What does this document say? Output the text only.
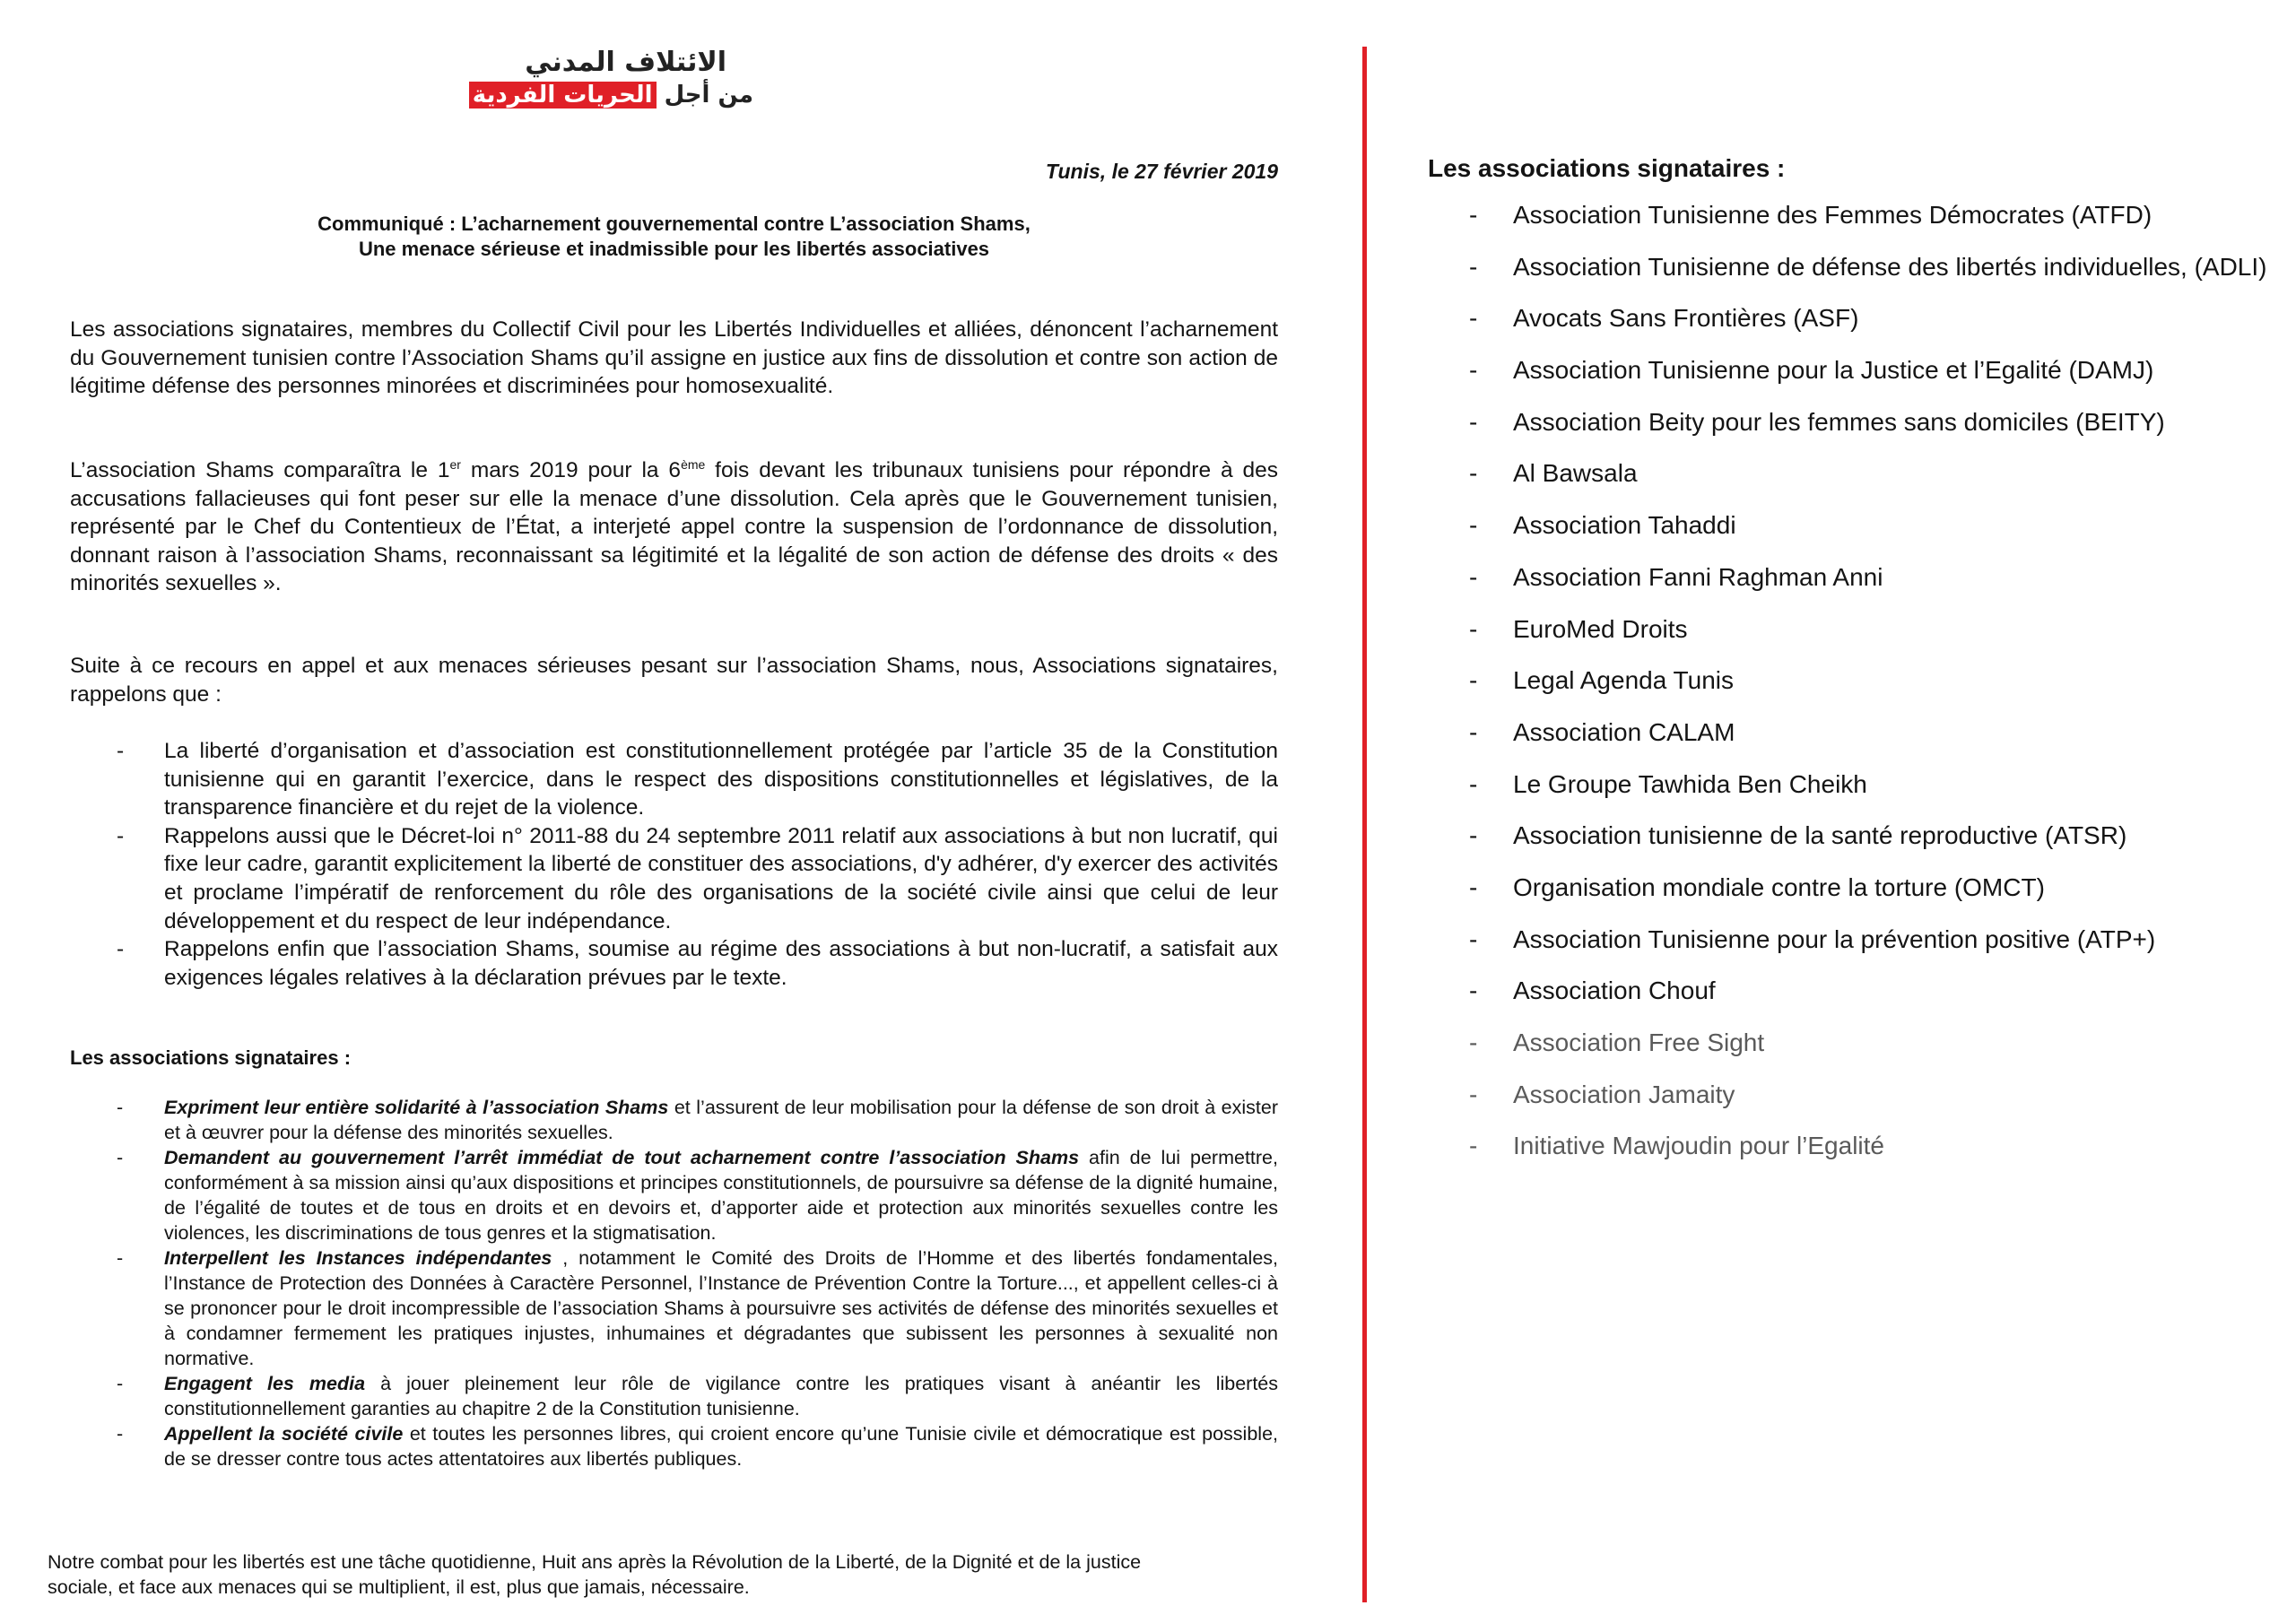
الائتلاف المدني
من أجل الحريات الفردية
Tunis, le 27 février 2019
Communiqué : L’acharnement gouvernemental contre L’association Shams,
Une menace sérieuse et inadmissible pour les libertés associatives

Les associations signataires, membres du Collectif Civil pour les Libertés Individuelles et alliées, dénoncent l’acharnement du Gouvernement tunisien contre l’Association Shams qu’il assigne en justice aux fins de dissolution et contre son action de légitime défense des personnes minorées et discriminées pour homosexualité.

L’association Shams comparaîtra le 1er mars 2019 pour la 6ème fois devant les tribunaux tunisiens pour répondre à des accusations fallacieuses qui font peser sur elle la menace d’une dissolution. Cela après que le Gouvernement tunisien, représenté par le Chef du Contentieux de l’État, a interjeté appel contre la suspension de l’ordonnance de dissolution, donnant raison à l’association Shams, reconnaissant sa légitimité et la légalité de son action de défense des droits « des minorités sexuelles ».

Suite à ce recours en appel et aux menaces sérieuses pesant sur l’association Shams, nous, Associations signataires, rappelons que :

- La liberté d’organisation et d’association est constitutionnellement protégée par l’article 35 de la Constitution tunisienne qui en garantit l’exercice, dans le respect des dispositions constitutionnelles et législatives, de la transparence financière et du rejet de la violence.
- Rappelons aussi que le Décret-loi n° 2011-88 du 24 septembre 2011 relatif aux associations à but non lucratif, qui fixe leur cadre, garantit explicitement la liberté de constituer des associations, d'y adhérer, d'y exercer des activités et proclame l’impératif de renforcement du rôle des organisations de la société civile ainsi que celui de leur développement et du respect de leur indépendance.
- Rappelons enfin que l’association Shams, soumise au régime des associations à but non-lucratif, a satisfait aux exigences légales relatives à la déclaration prévues par le texte.
Les associations signataires :
- Expriment leur entière solidarité à l’association Shams et l’assurent de leur mobilisation pour la défense de son droit à exister et à œuvrer pour la défense des minorités sexuelles.
- Demandent au gouvernement l’arrêt immédiat de tout acharnement contre l’association Shams afin de lui permettre, conformément à sa mission ainsi qu’aux dispositions et principes constitutionnels, de poursuivre sa défense de la dignité humaine, de l’égalité de toutes et de tous en droits et en devoirs et, d’apporter aide et protection aux minorités sexuelles contre les violences, les discriminations de tous genres et la stigmatisation.
- Interpellent les Instances indépendantes , notamment le Comité des Droits de l’Homme et des libertés fondamentales, l’Instance de Protection des Données à Caractère Personnel, l’Instance de Prévention Contre la Torture..., et appellent celles-ci à se prononcer pour le droit incompressible de l’association Shams à poursuivre ses activités de défense des minorités sexuelles et à condamner fermement les pratiques injustes, inhumaines et dégradantes que subissent les personnes à sexualité non normative.
- Engagent les media à jouer pleinement leur rôle de vigilance contre les pratiques visant à anéantir les libertés constitutionnellement garanties au chapitre 2 de la Constitution tunisienne.
- Appellent la société civile et toutes les personnes libres, qui croient encore qu’une Tunisie civile et démocratique est possible, de se dresser contre tous actes attentatoires aux libertés publiques.

Notre combat pour les libertés est une tâche quotidienne, Huit ans après la Révolution de la Liberté, de la Dignité et de la justice sociale, et face aux menaces qui se multiplient, il est, plus que jamais, nécessaire.

Les associations signataires :
- Association Tunisienne des Femmes Démocrates (ATFD)
- Association Tunisienne de défense des libertés individuelles, (ADLI)
- Avocats Sans Frontières (ASF)
- Association Tunisienne pour la Justice et l’Egalité (DAMJ)
- Association Beity pour les femmes sans domiciles (BEITY)
- Al Bawsala
- Association Tahaddi
- Association Fanni Raghman Anni
- EuroMed Droits
- Legal Agenda Tunis
- Association CALAM
- Le Groupe Tawhida Ben Cheikh
- Association tunisienne de la santé reproductive (ATSR)
- Organisation mondiale contre la torture (OMCT)
- Association Tunisienne pour la prévention positive (ATP+)
- Association Chouf
- Association Free Sight
- Association Jamaity
- Initiative Mawjoudin pour l’Egalité
